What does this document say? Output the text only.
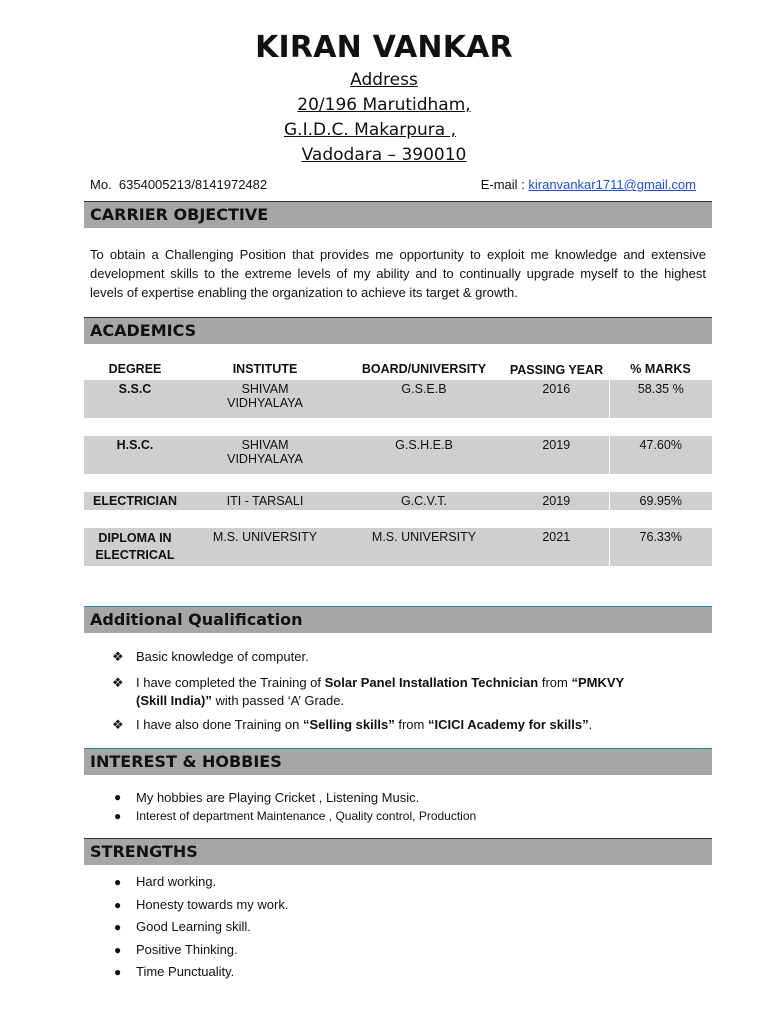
KIRAN VANKAR
Address
20/196 Marutidham,
G.I.D.C. Makarpura ,
Vadodara – 390010
Mo. 6354005213/8141972482	E-mail : kiranvankar1711@gmail.com
CARRIER OBJECTIVE
To obtain a Challenging Position that provides me opportunity to exploit me knowledge and extensive development skills to the extreme levels of my ability and to continually upgrade myself to the highest levels of expertise enabling the organization to achieve its target & growth.
ACADEMICS
DEGREE	INSTITUTE	BOARD/UNIVERSITY	PASSING YEAR	% MARKS
S.S.C	SHIVAM VIDHYALAYA	G.S.E.B	2016	58.35 %

H.S.C.	SHIVAM VIDHYALAYA	G.S.H.E.B	2019	47.60%

ELECTRICIAN	ITI - TARSALI	G.C.V.T.	2019	69.95%

DIPLOMA IN ELECTRICAL	M.S. UNIVERSITY	M.S. UNIVERSITY	2021	76.33%
Additional Qualification
❖ Basic knowledge of computer.
❖ I have completed the Training of Solar Panel Installation Technician from “PMKVY (Skill India)” with passed ‘A’ Grade.
❖ I have also done Training on “Selling skills” from “ICICI Academy for skills”.
INTEREST & HOBBIES
● My hobbies are Playing Cricket , Listening Music.
● Interest of department Maintenance , Quality control, Production
STRENGTHS
● Hard working.
● Honesty towards my work.
● Good Learning skill.
● Positive Thinking.
● Time Punctuality.
